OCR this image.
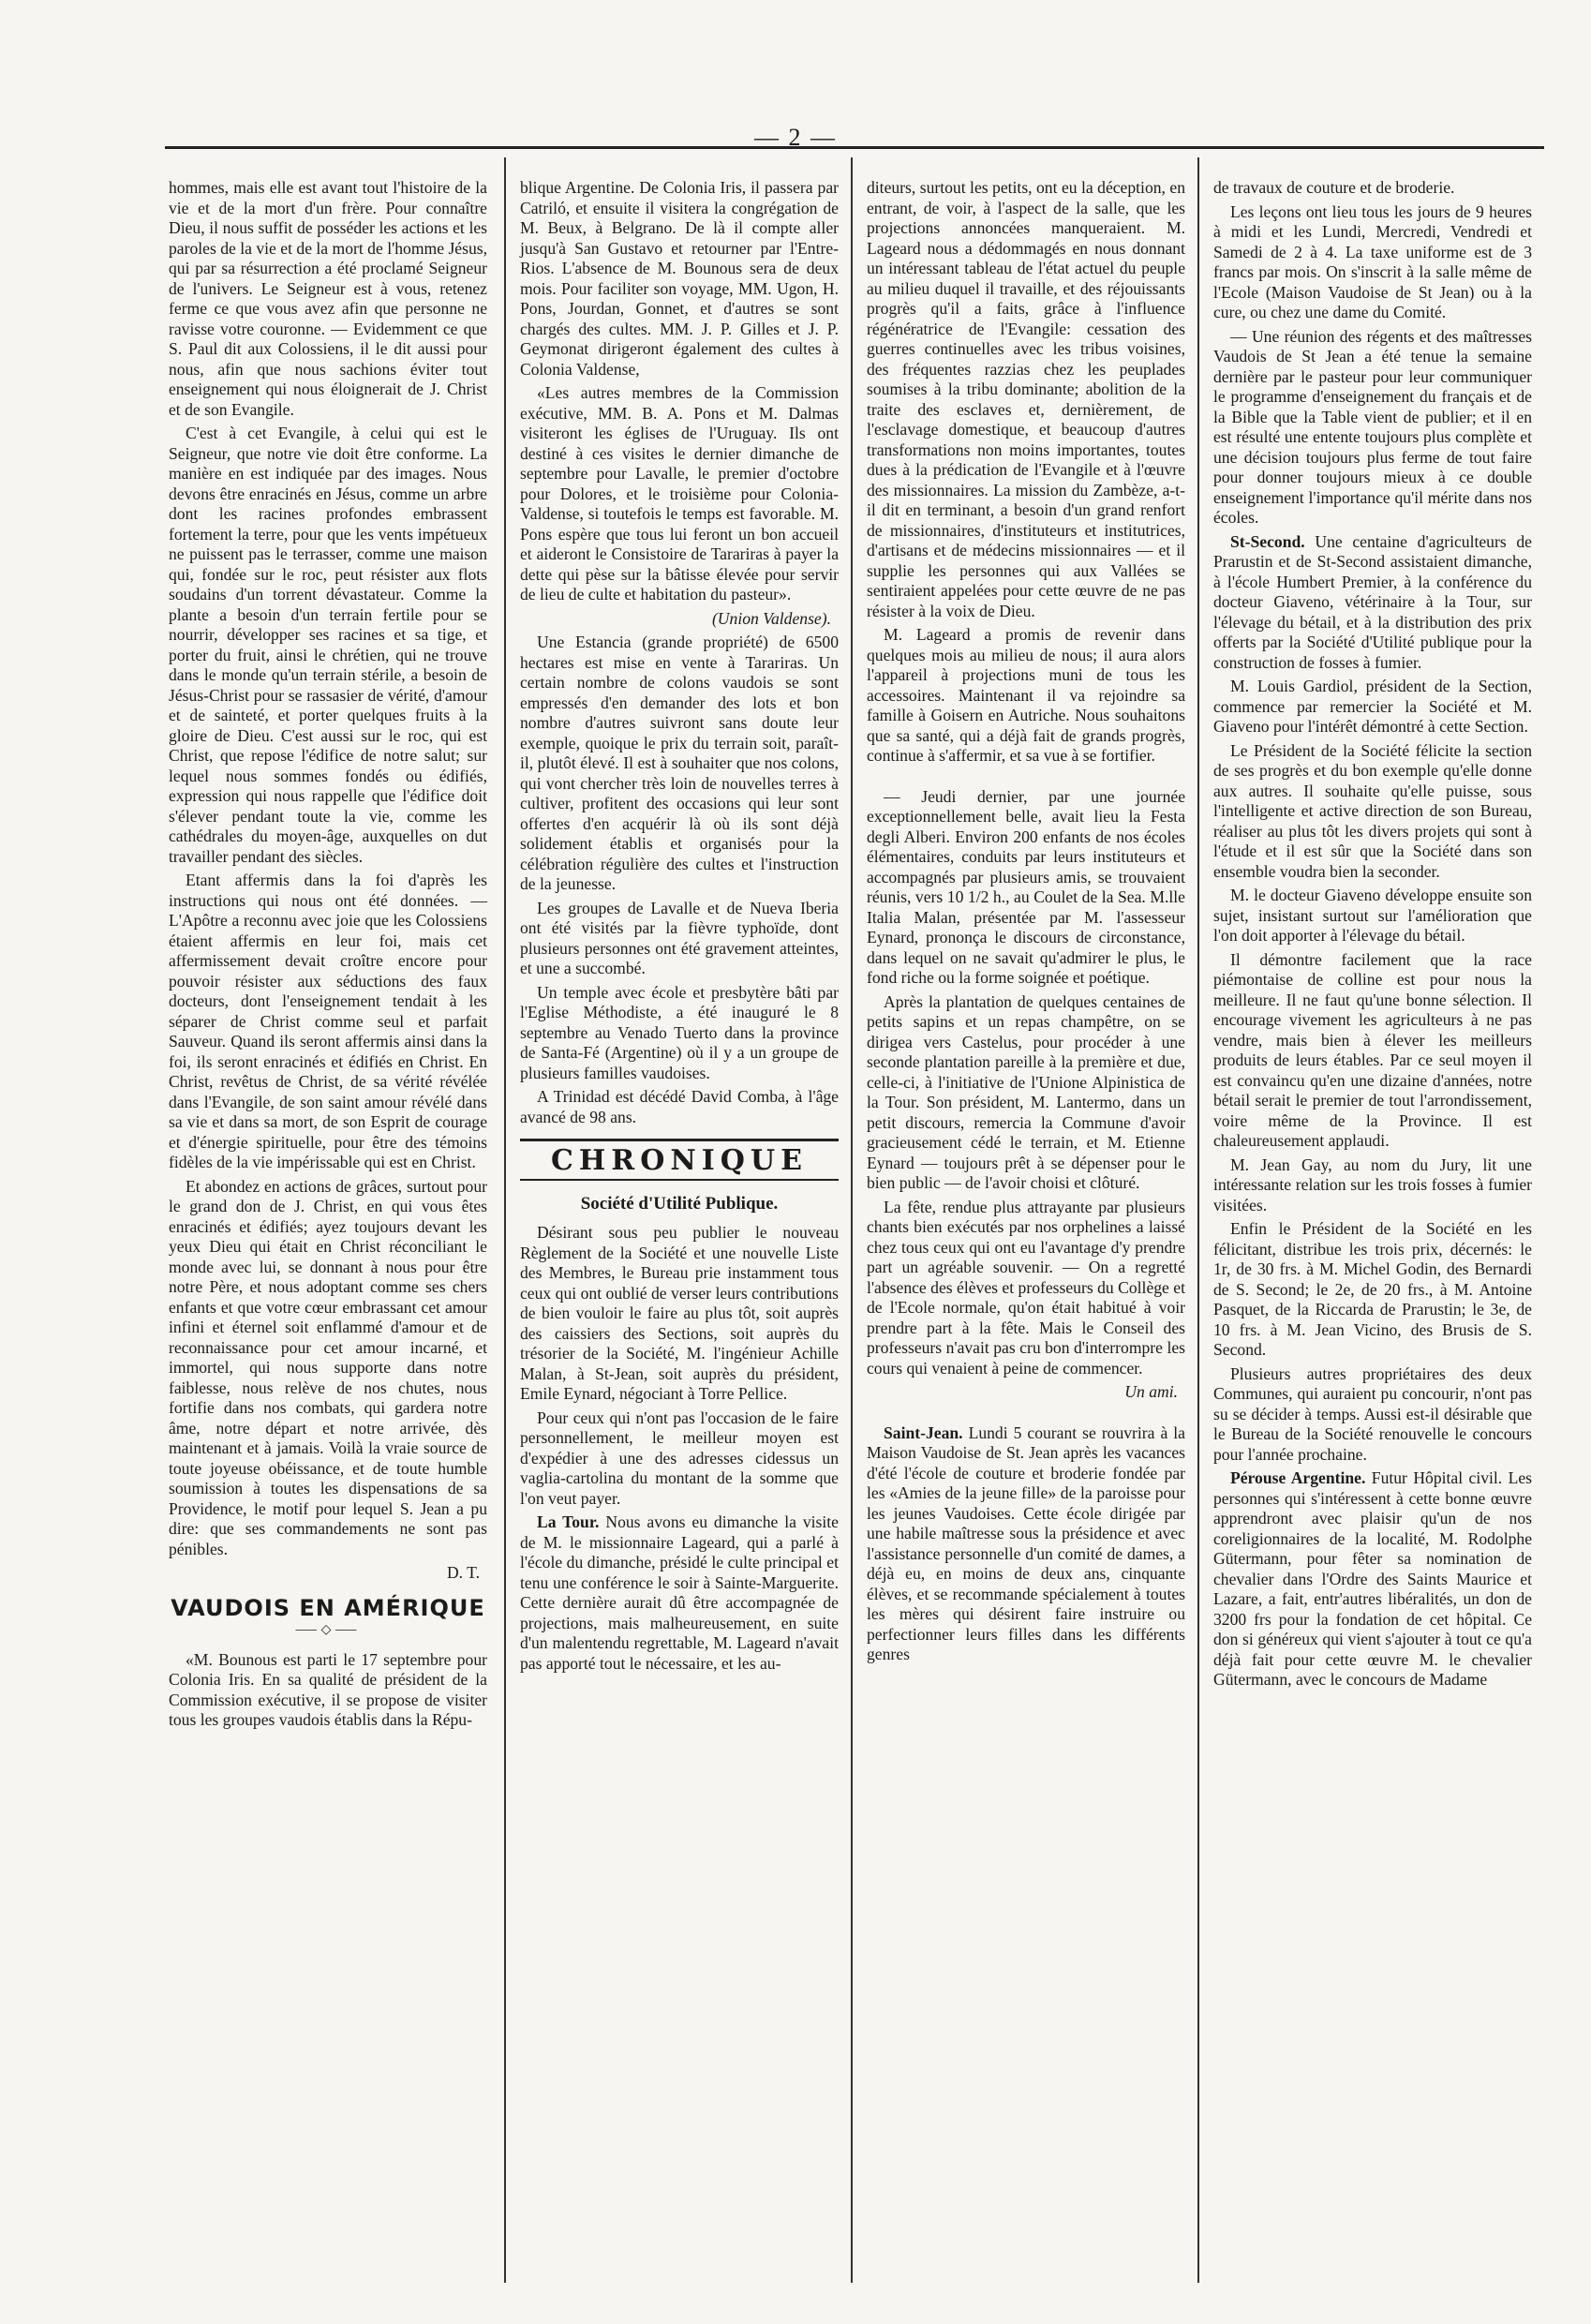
— 2 —

hommes, mais elle est avant tout l'histoire de la vie et de la mort d'un frère. Pour connaître Dieu, il nous suffit de posséder les actions et les paroles de la vie et de la mort de l'homme Jésus, qui par sa résurrection a été proclamé Seigneur de l'univers. Le Seigneur est à vous, retenez ferme ce que vous avez afin que personne ne ravisse votre couronne. — Evidemment ce que S. Paul dit aux Colossiens, il le dit aussi pour nous, afin que nous sachions éviter tout enseignement qui nous éloignerait de J. Christ et de son Evangile.

C'est à cet Evangile, à celui qui est le Seigneur, que notre vie doit être conforme. La manière en est indiquée par des images. Nous devons être enracinés en Jésus, comme un arbre dont les racines profondes embrassent fortement la terre, pour que les vents impétueux ne puissent pas le terrasser, comme une maison qui, fondée sur le roc, peut résister aux flots soudains d'un torrent dévastateur. Comme la plante a besoin d'un terrain fertile pour se nourrir, développer ses racines et sa tige, et porter du fruit, ainsi le chrétien, qui ne trouve dans le monde qu'un terrain stérile, a besoin de Jésus-Christ pour se rassasier de vérité, d'amour et de sainteté, et porter quelques fruits à la gloire de Dieu. C'est aussi sur le roc, qui est Christ, que repose l'édifice de notre salut; sur lequel nous sommes fondés ou édifiés, expression qui nous rappelle que l'édifice doit s'élever pendant toute la vie, comme les cathédrales du moyen-âge, auxquelles on dut travailler pendant des siècles.

Etant affermis dans la foi d'après les instructions qui nous ont été données. — L'Apôtre a reconnu avec joie que les Colossiens étaient affermis en leur foi, mais cet affermissement devait croître encore pour pouvoir résister aux séductions des faux docteurs, dont l'enseignement tendait à les séparer de Christ comme seul et parfait Sauveur. Quand ils seront affermis ainsi dans la foi, ils seront enracinés et édifiés en Christ. En Christ, revêtus de Christ, de sa vérité révélée dans l'Evangile, de son saint amour révélé dans sa vie et dans sa mort, de son Esprit de courage et d'énergie spirituelle, pour être des témoins fidèles de la vie impérissable qui est en Christ.

Et abondez en actions de grâces, surtout pour le grand don de J. Christ, en qui vous êtes enracinés et édifiés; ayez toujours devant les yeux Dieu qui était en Christ réconciliant le monde avec lui, se donnant à nous pour être notre Père, et nous adoptant comme ses chers enfants et que votre cœur embrassant cet amour infini et éternel soit enflammé d'amour et de reconnaissance pour cet amour incarné, et immortel, qui nous supporte dans notre faiblesse, nous relève de nos chutes, nous fortifie dans nos combats, qui gardera notre âme, notre départ et notre arrivée, dès maintenant et à jamais. Voilà la vraie source de toute joyeuse obéissance, et de toute humble soumission à toutes les dispensations de sa Providence, le motif pour lequel S. Jean a pu dire: que ses commandements ne sont pas pénibles.

D. T.

VAUDOIS EN AMÉRIQUE
⸺◇⸺

«M. Bounous est parti le 17 septembre pour Colonia Iris. En sa qualité de président de la Commission exécutive, il se propose de visiter tous les groupes vaudois établis dans la Répu-

blique Argentine. De Colonia Iris, il passera par Catriló, et ensuite il visitera la congrégation de M. Beux, à Belgrano. De là il compte aller jusqu'à San Gustavo et retourner par l'Entre-Rios. L'absence de M. Bounous sera de deux mois. Pour faciliter son voyage, MM. Ugon, H. Pons, Jourdan, Gonnet, et d'autres se sont chargés des cultes. MM. J. P. Gilles et J. P. Geymonat dirigeront également des cultes à Colonia Valdense,

«Les autres membres de la Commission exécutive, MM. B. A. Pons et M. Dalmas visiteront les églises de l'Uruguay. Ils ont destiné à ces visites le dernier dimanche de septembre pour Lavalle, le premier d'octobre pour Dolores, et le troisième pour Colonia-Valdense, si toutefois le temps est favorable. M. Pons espère que tous lui feront un bon accueil et aideront le Consistoire de Tarariras à payer la dette qui pèse sur la bâtisse élevée pour servir de lieu de culte et habitation du pasteur».

(Union Valdense).

Une Estancia (grande propriété) de 6500 hectares est mise en vente à Tarariras. Un certain nombre de colons vaudois se sont empressés d'en demander des lots et bon nombre d'autres suivront sans doute leur exemple, quoique le prix du terrain soit, paraît-il, plutôt élevé. Il est à souhaiter que nos colons, qui vont chercher très loin de nouvelles terres à cultiver, profitent des occasions qui leur sont offertes d'en acquérir là où ils sont déjà solidement établis et organisés pour la célébration régulière des cultes et l'instruction de la jeunesse.

Les groupes de Lavalle et de Nueva Iberia ont été visités par la fièvre typhoïde, dont plusieurs personnes ont été gravement atteintes, et une a succombé.

Un temple avec école et presbytère bâti par l'Eglise Méthodiste, a été inauguré le 8 septembre au Venado Tuerto dans la province de Santa-Fé (Argentine) où il y a un groupe de plusieurs familles vaudoises.

A Trinidad est décédé David Comba, à l'âge avancé de 98 ans.

CHRONIQUE
Société d'Utilité Publique.

Désirant sous peu publier le nouveau Règlement de la Société et une nouvelle Liste des Membres, le Bureau prie instamment tous ceux qui ont oublié de verser leurs contributions de bien vouloir le faire au plus tôt, soit auprès des caissiers des Sections, soit auprès du trésorier de la Société, M. l'ingénieur Achille Malan, à St-Jean, soit auprès du président, Emile Eynard, négociant à Torre Pellice.

Pour ceux qui n'ont pas l'occasion de le faire personnellement, le meilleur moyen est d'expédier à une des adresses cidessus un vaglia-cartolina du montant de la somme que l'on veut payer.

La Tour. Nous avons eu dimanche la visite de M. le missionnaire Lageard, qui a parlé à l'école du dimanche, présidé le culte principal et tenu une conférence le soir à Sainte-Marguerite. Cette dernière aurait dû être accompagnée de projections, mais malheureusement, en suite d'un malentendu regrettable, M. Lageard n'avait pas apporté tout le nécessaire, et les au-

diteurs, surtout les petits, ont eu la déception, en entrant, de voir, à l'aspect de la salle, que les projections annoncées manqueraient. M. Lageard nous a dédommagés en nous donnant un intéressant tableau de l'état actuel du peuple au milieu duquel il travaille, et des réjouissants progrès qu'il a faits, grâce à l'influence régénératrice de l'Evangile: cessation des guerres continuelles avec les tribus voisines, des fréquentes razzias chez les peuplades soumises à la tribu dominante; abolition de la traite des esclaves et, dernièrement, de l'esclavage domestique, et beaucoup d'autres transformations non moins importantes, toutes dues à la prédication de l'Evangile et à l'œuvre des missionnaires. La mission du Zambèze, a-t-il dit en terminant, a besoin d'un grand renfort de missionnaires, d'instituteurs et institutrices, d'artisans et de médecins missionnaires — et il supplie les personnes qui aux Vallées se sentiraient appelées pour cette œuvre de ne pas résister à la voix de Dieu.

M. Lageard a promis de revenir dans quelques mois au milieu de nous; il aura alors l'appareil à projections muni de tous les accessoires. Maintenant il va rejoindre sa famille à Goisern en Autriche. Nous souhaitons que sa santé, qui a déjà fait de grands progrès, continue à s'affermir, et sa vue à se fortifier.

— Jeudi dernier, par une journée exceptionnellement belle, avait lieu la Festa degli Alberi. Environ 200 enfants de nos écoles élémentaires, conduits par leurs instituteurs et accompagnés par plusieurs amis, se trouvaient réunis, vers 10 1/2 h., au Coulet de la Sea. M.lle Italia Malan, présentée par M. l'assesseur Eynard, prononça le discours de circonstance, dans lequel on ne savait qu'admirer le plus, le fond riche ou la forme soignée et poétique.

Après la plantation de quelques centaines de petits sapins et un repas champêtre, on se dirigea vers Castelus, pour procéder à une seconde plantation pareille à la première et due, celle-ci, à l'initiative de l'Unione Alpinistica de la Tour. Son président, M. Lantermo, dans un petit discours, remercia la Commune d'avoir gracieusement cédé le terrain, et M. Etienne Eynard — toujours prêt à se dépenser pour le bien public — de l'avoir choisi et clôturé.

La fête, rendue plus attrayante par plusieurs chants bien exécutés par nos orphelines a laissé chez tous ceux qui ont eu l'avantage d'y prendre part un agréable souvenir. — On a regretté l'absence des élèves et professeurs du Collège et de l'Ecole normale, qu'on était habitué à voir prendre part à la fête. Mais le Conseil des professeurs n'avait pas cru bon d'interrompre les cours qui venaient à peine de commencer.

Un ami.

Saint-Jean. Lundi 5 courant se rouvrira à la Maison Vaudoise de St. Jean après les vacances d'été l'école de couture et broderie fondée par les «Amies de la jeune fille» de la paroisse pour les jeunes Vaudoises. Cette école dirigée par une habile maîtresse sous la présidence et avec l'assistance personnelle d'un comité de dames, a déjà eu, en moins de deux ans, cinquante élèves, et se recommande spécialement à toutes les mères qui désirent faire instruire ou perfectionner leurs filles dans les différents genres

de travaux de couture et de broderie.

Les leçons ont lieu tous les jours de 9 heures à midi et les Lundi, Mercredi, Vendredi et Samedi de 2 à 4. La taxe uniforme est de 3 francs par mois. On s'inscrit à la salle même de l'Ecole (Maison Vaudoise de St Jean) ou à la cure, ou chez une dame du Comité.

— Une réunion des régents et des maîtresses Vaudois de St Jean a été tenue la semaine dernière par le pasteur pour leur communiquer le programme d'enseignement du français et de la Bible que la Table vient de publier; et il en est résulté une entente toujours plus complète et une décision toujours plus ferme de tout faire pour donner toujours mieux à ce double enseignement l'importance qu'il mérite dans nos écoles.

St-Second. Une centaine d'agriculteurs de Prarustin et de St-Second assistaient dimanche, à l'école Humbert Premier, à la conférence du docteur Giaveno, vétérinaire à la Tour, sur l'élevage du bétail, et à la distribution des prix offerts par la Société d'Utilité publique pour la construction de fosses à fumier.

M. Louis Gardiol, président de la Section, commence par remercier la Société et M. Giaveno pour l'intérêt démontré à cette Section.

Le Président de la Société félicite la section de ses progrès et du bon exemple qu'elle donne aux autres. Il souhaite qu'elle puisse, sous l'intelligente et active direction de son Bureau, réaliser au plus tôt les divers projets qui sont à l'étude et il est sûr que la Société dans son ensemble voudra bien la seconder.

M. le docteur Giaveno développe ensuite son sujet, insistant surtout sur l'amélioration que l'on doit apporter à l'élevage du bétail.

Il démontre facilement que la race piémontaise de colline est pour nous la meilleure. Il ne faut qu'une bonne sélection. Il encourage vivement les agriculteurs à ne pas vendre, mais bien à élever les meilleurs produits de leurs étables. Par ce seul moyen il est convaincu qu'en une dizaine d'années, notre bétail serait le premier de tout l'arrondissement, voire même de la Province. Il est chaleureusement applaudi.

M. Jean Gay, au nom du Jury, lit une intéressante relation sur les trois fosses à fumier visitées.

Enfin le Président de la Société en les félicitant, distribue les trois prix, décernés: le 1r, de 30 frs. à M. Michel Godin, des Bernardi de S. Second; le 2e, de 20 frs., à M. Antoine Pasquet, de la Riccarda de Prarustin; le 3e, de 10 frs. à M. Jean Vicino, des Brusis de S. Second.

Plusieurs autres propriétaires des deux Communes, qui auraient pu concourir, n'ont pas su se décider à temps. Aussi est-il désirable que le Bureau de la Société renouvelle le concours pour l'année prochaine.

Pérouse Argentine. Futur Hôpital civil. Les personnes qui s'intéressent à cette bonne œuvre apprendront avec plaisir qu'un de nos coreligionnaires de la localité, M. Rodolphe Gütermann, pour fêter sa nomination de chevalier dans l'Ordre des Saints Maurice et Lazare, a fait, entr'autres libéralités, un don de 3200 frs pour la fondation de cet hôpital. Ce don si généreux qui vient s'ajouter à tout ce qu'a déjà fait pour cette œuvre M. le chevalier Gütermann, avec le concours de Madame
